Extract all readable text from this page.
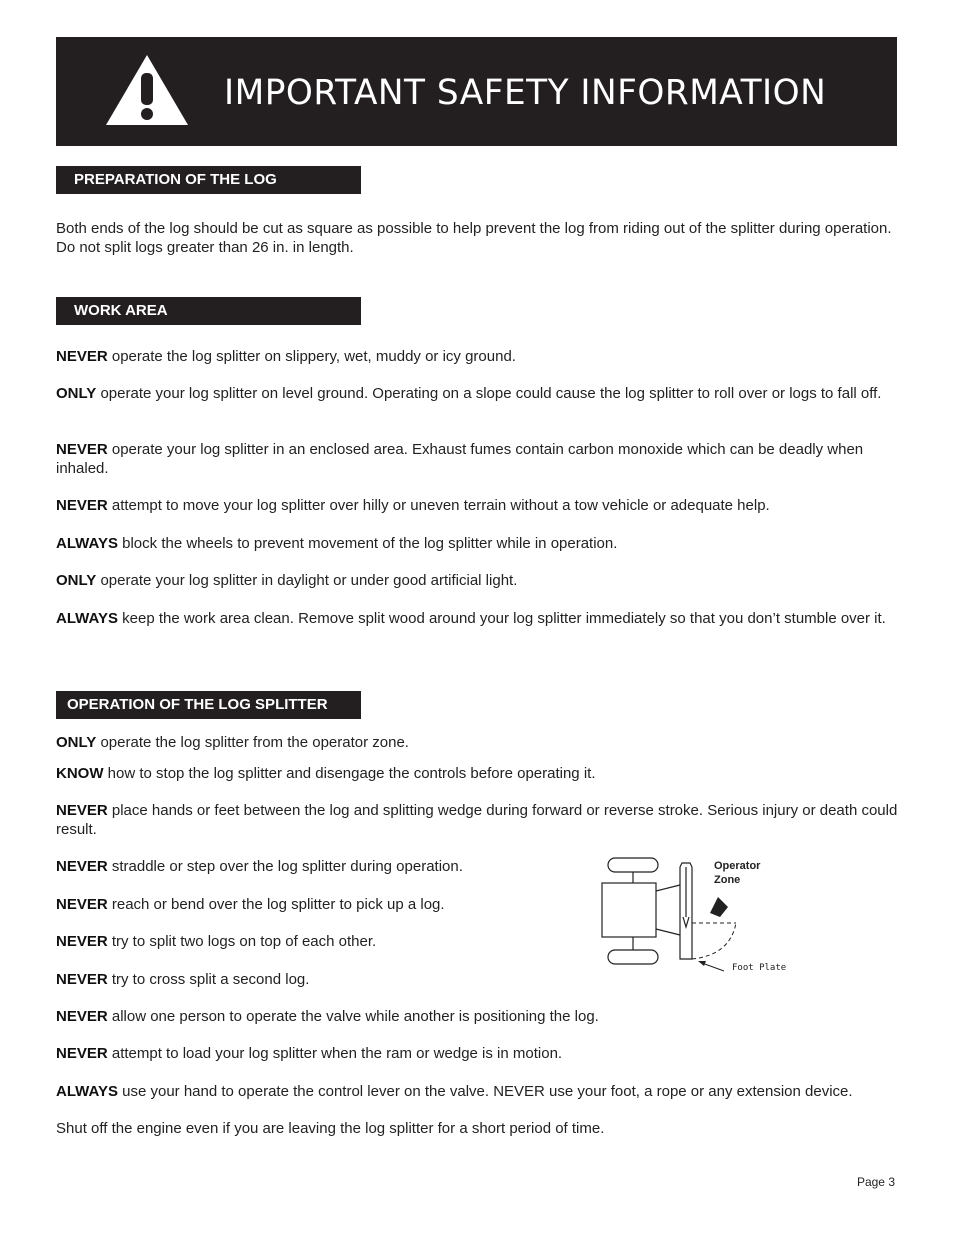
IMPORTANT SAFETY INFORMATION
PREPARATION OF THE LOG
Both ends of the log should be cut as square as possible to help prevent the log from riding out of the splitter during operation. Do not split logs greater than 26 in. in length.
WORK AREA
NEVER operate the log splitter on slippery, wet, muddy or icy ground.
ONLY operate your log splitter on level ground. Operating on a slope could cause the log splitter to roll over or logs to fall off.
NEVER operate your log splitter in an enclosed area. Exhaust fumes contain carbon monoxide which can be deadly when inhaled.
NEVER attempt to move your log splitter over hilly or uneven terrain without a tow vehicle or adequate help.
ALWAYS block the wheels to prevent movement of the log splitter while in operation.
ONLY operate your log splitter in daylight or under good artificial light.
ALWAYS keep the work area clean. Remove split wood around your log splitter immediately so that you don’t stumble over it.
OPERATION OF THE LOG SPLITTER
ONLY operate the log splitter from the operator zone.
KNOW how to stop the log splitter and disengage the controls before operating it.
NEVER place hands or feet between the log and splitting wedge during forward or reverse stroke. Serious injury or death could result.
NEVER straddle or step over the log splitter during operation.
NEVER reach or bend over the log splitter to pick up a log.
NEVER try to split two logs on top of each other.
NEVER try to cross split a second log.
NEVER allow one person to operate the valve while another is positioning the log.
NEVER attempt to load your log splitter when the ram or wedge is in motion.
ALWAYS use your hand to operate the control lever on the valve. NEVER use your foot, a rope or any extension device.
Shut off the engine even if you are leaving the log splitter for a short period of time.
Operator Zone
Foot Plate
Page 3
